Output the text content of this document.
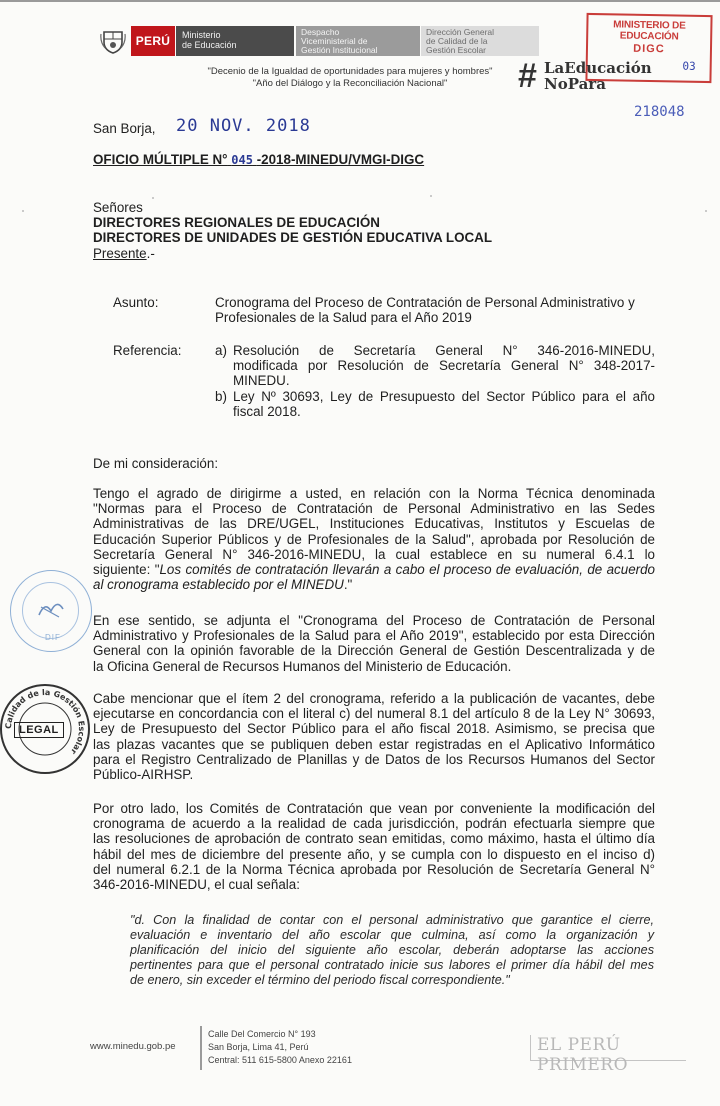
PERÚ	Ministerio
de Educación
Despacho
Viceministerial de
Gestión Institucional
Dirección General
de Calidad de la
Gestión Escolar
"Decenio de la Igualdad de oportunidades para mujeres y hombres"
"Año del Diálogo y la Reconciliación Nacional"
MINISTERIO DE EDUCACIÓN
DIGC
03
# LaEducación
NoPara
218048
San Borja, 20 NOV. 2018
OFICIO MÚLTIPLE N° 045 -2018-MINEDU/VMGI-DIGC
Señores
DIRECTORES REGIONALES DE EDUCACIÓN
DIRECTORES DE UNIDADES DE GESTIÓN EDUCATIVA LOCAL
Presente.-
Asunto:	Cronograma del Proceso de Contratación de Personal Administrativo y
Profesionales de la Salud para el Año 2019
Referencia:	a) Resolución de Secretaría General N° 346-2016-MINEDU,
modificada por Resolución de Secretaría General N° 348-2017-
MINEDU.
b) Ley Nº 30693, Ley de Presupuesto del Sector Público para el año
fiscal 2018.
De mi consideración:
Tengo el agrado de dirigirme a usted, en relación con la Norma Técnica denominada
"Normas para el Proceso de Contratación de Personal Administrativo en las Sedes
Administrativas de las DRE/UGEL, Instituciones Educativas, Institutos y Escuelas de
Educación Superior Públicos y de Profesionales de la Salud", aprobada por Resolución de
Secretaría General N° 346-2016-MINEDU, la cual establece en su numeral 6.4.1 lo
siguiente: "Los comités de contratación llevarán a cabo el proceso de evaluación, de acuerdo
al cronograma establecido por el MINEDU."
En ese sentido, se adjunta el "Cronograma del Proceso de Contratación de Personal
Administrativo y Profesionales de la Salud para el Año 2019", establecido por esta Dirección
General con la opinión favorable de la Dirección General de Gestión Descentralizada y de
la Oficina General de Recursos Humanos del Ministerio de Educación.
Cabe mencionar que el ítem 2 del cronograma, referido a la publicación de vacantes, debe
ejecutarse en concordancia con el literal c) del numeral 8.1 del artículo 8 de la Ley N° 30693,
Ley de Presupuesto del Sector Público para el año fiscal 2018. Asimismo, se precisa que
las plazas vacantes que se publiquen deben estar registradas en el Aplicativo Informático
para el Registro Centralizado de Planillas y de Datos de los Recursos Humanos del Sector
Público-AIRHSP.
Por otro lado, los Comités de Contratación que vean por conveniente la modificación del
cronograma de acuerdo a la realidad de cada jurisdicción, podrán efectuarla siempre que
las resoluciones de aprobación de contrato sean emitidas, como máximo, hasta el último día
hábil del mes de diciembre del presente año, y se cumpla con lo dispuesto en el inciso d)
del numeral 6.2.1 de la Norma Técnica aprobada por Resolución de Secretaría General N°
346-2016-MINEDU, el cual señala:
"d. Con la finalidad de contar con el personal administrativo que garantice el cierre,
evaluación e inventario del año escolar que culmina, así como la organización y
planificación del inicio del siguiente año escolar, deberán adoptarse las acciones
pertinentes para que el personal contratado inicie sus labores el primer día hábil del mes
de enero, sin exceder el término del periodo fiscal correspondiente."
DIF
Calidad de la Gestión Escolar
LEGAL
www.minedu.gob.pe
Calle Del Comercio N° 193
San Borja, Lima 41, Perú
Central: 511 615-5800 Anexo 22161
EL PERÚ PRIMERO
